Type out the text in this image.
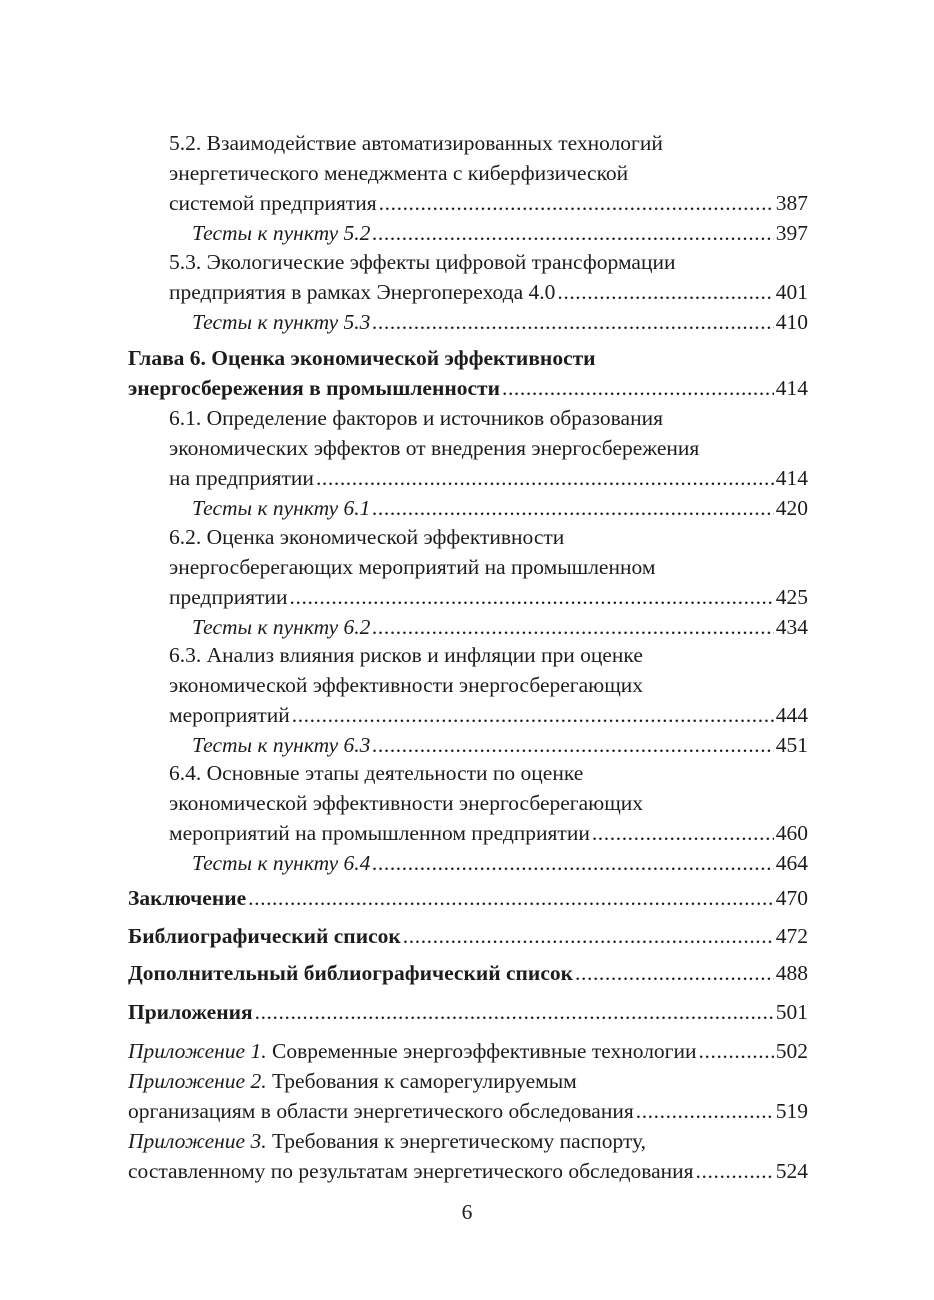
5.2. Взаимодействие автоматизированных технологий
энергетического менеджмента с киберфизической
системой предприятия .....	387
Тесты к пункту 5.2 .....	397
5.3. Экологические эффекты цифровой трансформации
предприятия в рамках Энергоперехода 4.0 .....	401
Тесты к пункту 5.3 .....	410
Глава 6. Оценка экономической эффективности
энергосбережения в промышленности .....	414
6.1. Определение факторов и источников образования
экономических эффектов от внедрения энергосбережения
на предприятии .....	414
Тесты к пункту 6.1 .....	420
6.2. Оценка экономической эффективности
энергосберегающих мероприятий на промышленном
предприятии .....	425
Тесты к пункту 6.2 .....	434
6.3. Анализ влияния рисков и инфляции при оценке
экономической эффективности энергосберегающих
мероприятий .....	444
Тесты к пункту 6.3 .....	451
6.4. Основные этапы деятельности по оценке
экономической эффективности энергосберегающих
мероприятий на промышленном предприятии .....	460
Тесты к пункту 6.4 .....	464
Заключение .....	470
Библиографический список .....	472
Дополнительный библиографический список .....	488
Приложения .....	501
Приложение 1. Современные энергоэффективные технологии .....	502
Приложение 2. Требования к саморегулируемым
организациям в области энергетического обследования .....	519
Приложение 3. Требования к энергетическому паспорту,
составленному по результатам энергетического обследования .....	524
6
